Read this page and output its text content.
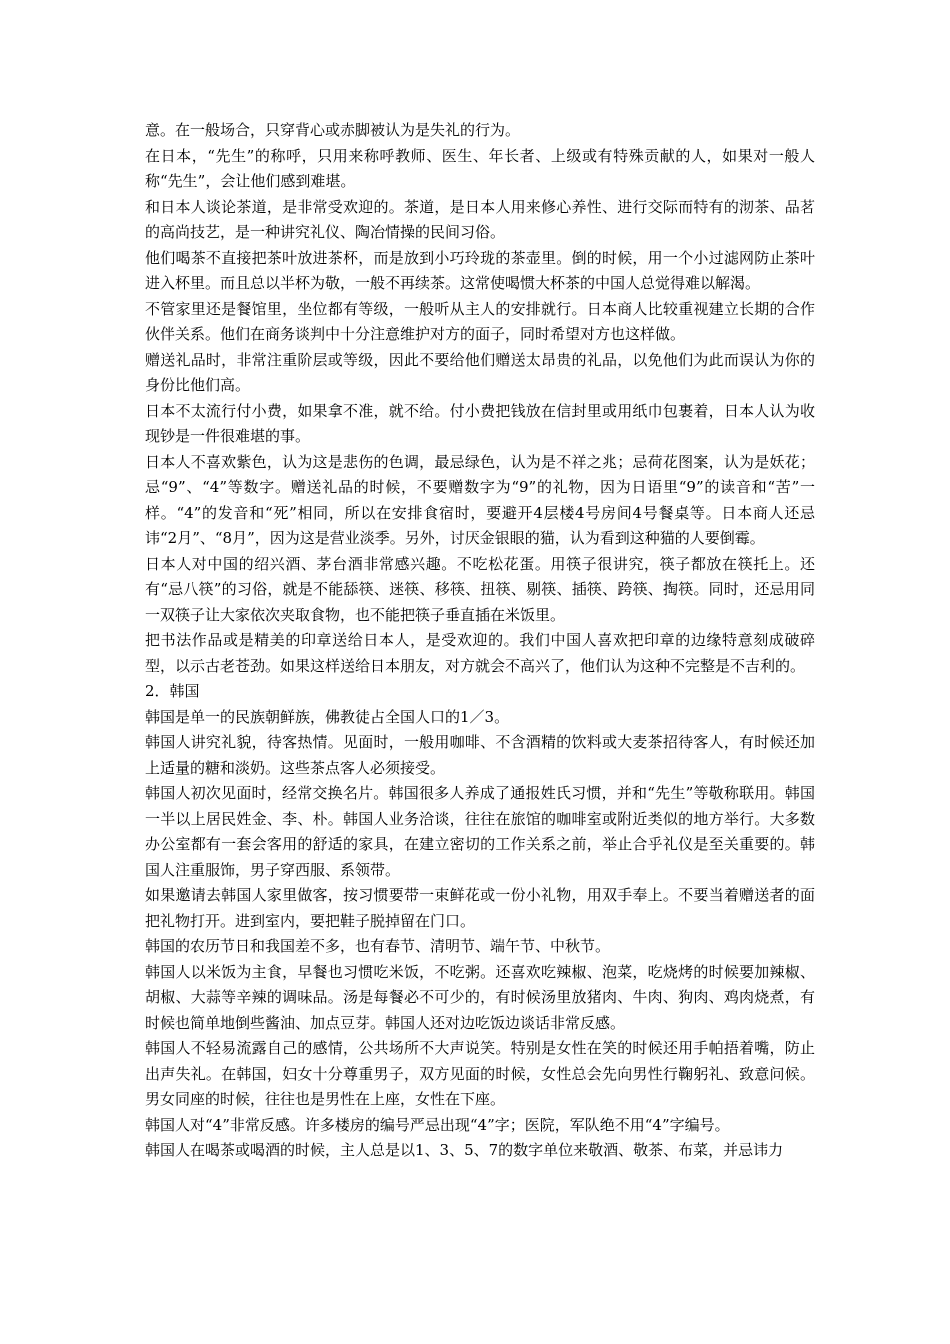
意。在一般场合，只穿背心或赤脚被认为是失礼的行为。

在日本，“先生”的称呼，只用来称呼教师、医生、年长者、上级或有特殊贡献的人，如果对一般人称“先生”，会让他们感到难堪。

和日本人谈论茶道，是非常受欢迎的。茶道，是日本人用来修心养性、进行交际而特有的沏茶、品茗的高尚技艺，是一种讲究礼仪、陶冶情操的民间习俗。

他们喝茶不直接把茶叶放进茶杯，而是放到小巧玲珑的茶壶里。倒的时候，用一个小过滤网防止茶叶进入杯里。而且总以半杯为敬，一般不再续茶。这常使喝惯大杯茶的中国人总觉得难以解渴。

不管家里还是餐馆里，坐位都有等级，一般听从主人的安排就行。日本商人比较重视建立长期的合作伙伴关系。他们在商务谈判中十分注意维护对方的面子，同时希望对方也这样做。

赠送礼品时，非常注重阶层或等级，因此不要给他们赠送太昂贵的礼品，以免他们为此而误认为你的身份比他们高。

日本不太流行付小费，如果拿不准，就不给。付小费把钱放在信封里或用纸巾包裹着，日本人认为收现钞是一件很难堪的事。

日本人不喜欢紫色，认为这是悲伤的色调，最忌绿色，认为是不祥之兆；忌荷花图案，认为是妖花；忌“9”、“4”等数字。赠送礼品的时候，不要赠数字为“9”的礼物，因为日语里“9”的读音和“苦”一样。“4”的发音和“死”相同，所以在安排食宿时，要避开4层楼4号房间4号餐桌等。日本商人还忌讳“2月”、“8月”，因为这是营业淡季。另外，讨厌金银眼的猫，认为看到这种猫的人要倒霉。

日本人对中国的绍兴酒、茅台酒非常感兴趣。不吃松花蛋。用筷子很讲究，筷子都放在筷托上。还有“忌八筷”的习俗，就是不能舔筷、迷筷、移筷、扭筷、剔筷、插筷、跨筷、掏筷。同时，还忌用同一双筷子让大家依次夹取食物，也不能把筷子垂直插在米饭里。

把书法作品或是精美的印章送给日本人，是受欢迎的。我们中国人喜欢把印章的边缘特意刻成破碎型，以示古老苍劲。如果这样送给日本朋友，对方就会不高兴了，他们认为这种不完整是不吉利的。

2．韩国

韩国是单一的民族朝鲜族，佛教徒占全国人口的1／3。

韩国人讲究礼貌，待客热情。见面时，一般用咖啡、不含酒精的饮料或大麦茶招待客人，有时候还加上适量的糖和淡奶。这些茶点客人必须接受。

韩国人初次见面时，经常交换名片。韩国很多人养成了通报姓氏习惯，并和“先生”等敬称联用。韩国一半以上居民姓金、李、朴。韩国人业务洽谈，往往在旅馆的咖啡室或附近类似的地方举行。大多数办公室都有一套会客用的舒适的家具，在建立密切的工作关系之前，举止合乎礼仪是至关重要的。韩国人注重服饰，男子穿西服、系领带。

如果邀请去韩国人家里做客，按习惯要带一束鲜花或一份小礼物，用双手奉上。不要当着赠送者的面把礼物打开。进到室内，要把鞋子脱掉留在门口。

韩国的农历节日和我国差不多，也有春节、清明节、端午节、中秋节。

韩国人以米饭为主食，早餐也习惯吃米饭，不吃粥。还喜欢吃辣椒、泡菜，吃烧烤的时候要加辣椒、胡椒、大蒜等辛辣的调味品。汤是每餐必不可少的，有时候汤里放猪肉、牛肉、狗肉、鸡肉烧煮，有时候也简单地倒些酱油、加点豆芽。韩国人还对边吃饭边谈话非常反感。

韩国人不轻易流露自己的感情，公共场所不大声说笑。特别是女性在笑的时候还用手帕捂着嘴，防止出声失礼。在韩国，妇女十分尊重男子，双方见面的时候，女性总会先向男性行鞠躬礼、致意问候。男女同座的时候，往往也是男性在上座，女性在下座。

韩国人对“4”非常反感。许多楼房的编号严忌出现“4”字；医院，军队绝不用“4”字编号。

韩国人在喝茶或喝酒的时候，主人总是以1、3、5、7的数字单位来敬酒、敬茶、布菜，并忌讳力
